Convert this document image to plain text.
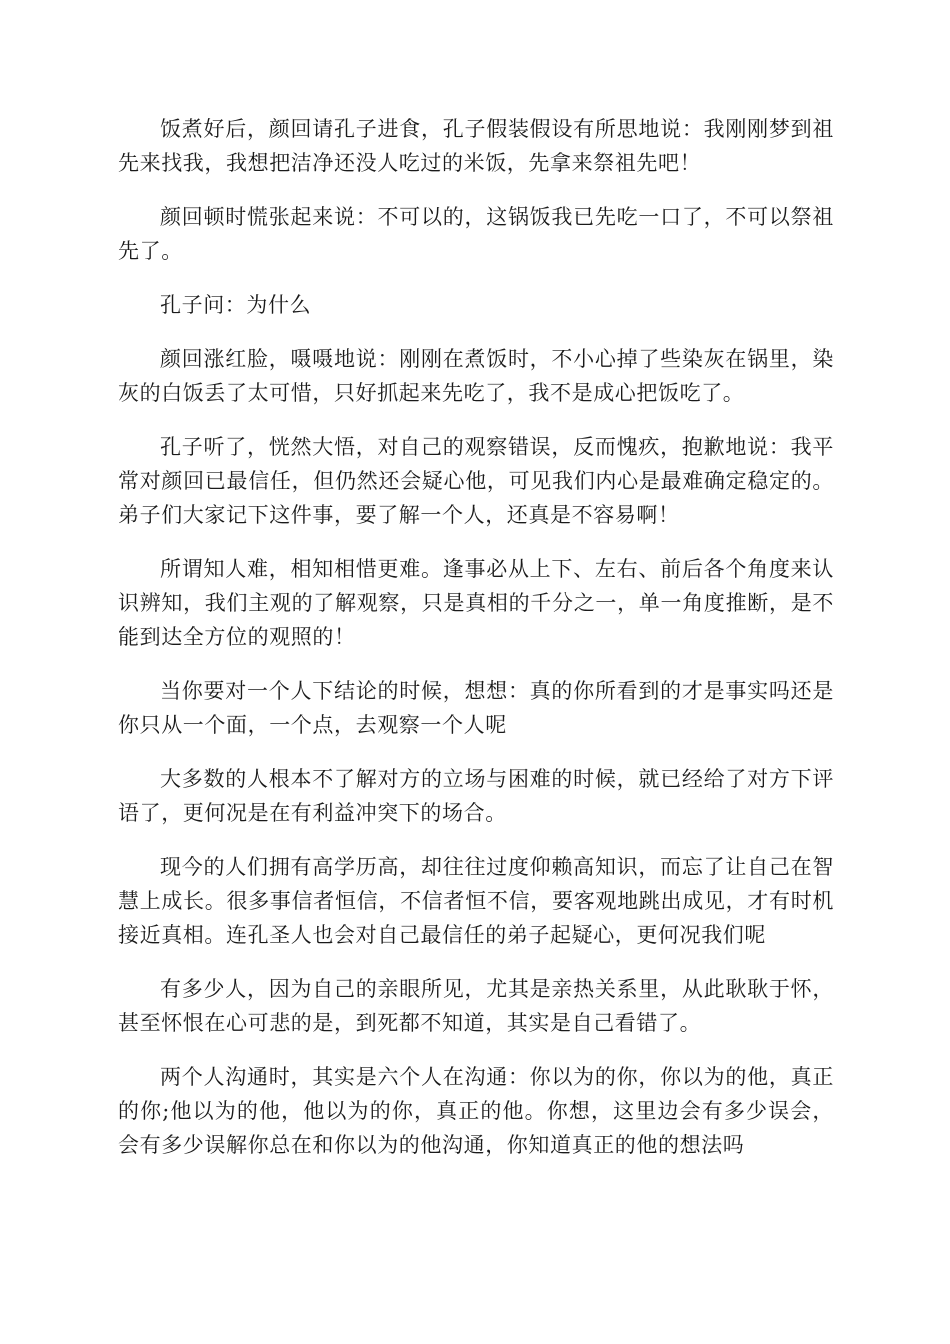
饭煮好后，颜回请孔子进食，孔子假装假设有所思地说：我刚刚梦到祖先来找我，我想把洁净还没人吃过的米饭，先拿来祭祖先吧！

颜回顿时慌张起来说：不可以的，这锅饭我已先吃一口了，不可以祭祖先了。

孔子问：为什么

颜回涨红脸，嗫嗫地说：刚刚在煮饭时，不小心掉了些染灰在锅里，染灰的白饭丢了太可惜，只好抓起来先吃了，我不是成心把饭吃了。

孔子听了，恍然大悟，对自己的观察错误，反而愧疚，抱歉地说：我平常对颜回已最信任，但仍然还会疑心他，可见我们内心是最难确定稳定的。弟子们大家记下这件事，要了解一个人，还真是不容易啊！

所谓知人难，相知相惜更难。逢事必从上下、左右、前后各个角度来认识辨知，我们主观的了解观察，只是真相的千分之一，单一角度推断，是不能到达全方位的观照的！

当你要对一个人下结论的时候，想想：真的你所看到的才是事实吗还是你只从一个面，一个点，去观察一个人呢

大多数的人根本不了解对方的立场与困难的时候，就已经给了对方下评语了，更何况是在有利益冲突下的场合。

现今的人们拥有高学历高，却往往过度仰赖高知识，而忘了让自己在智慧上成长。很多事信者恒信，不信者恒不信，要客观地跳出成见，才有时机接近真相。连孔圣人也会对自己最信任的弟子起疑心，更何况我们呢

有多少人，因为自己的亲眼所见，尤其是亲热关系里，从此耿耿于怀，甚至怀恨在心可悲的是，到死都不知道，其实是自己看错了。

两个人沟通时，其实是六个人在沟通：你以为的你，你以为的他，真正的你;他以为的他，他以为的你，真正的他。你想，这里边会有多少误会，会有多少误解你总在和你以为的他沟通，你知道真正的他的想法吗
